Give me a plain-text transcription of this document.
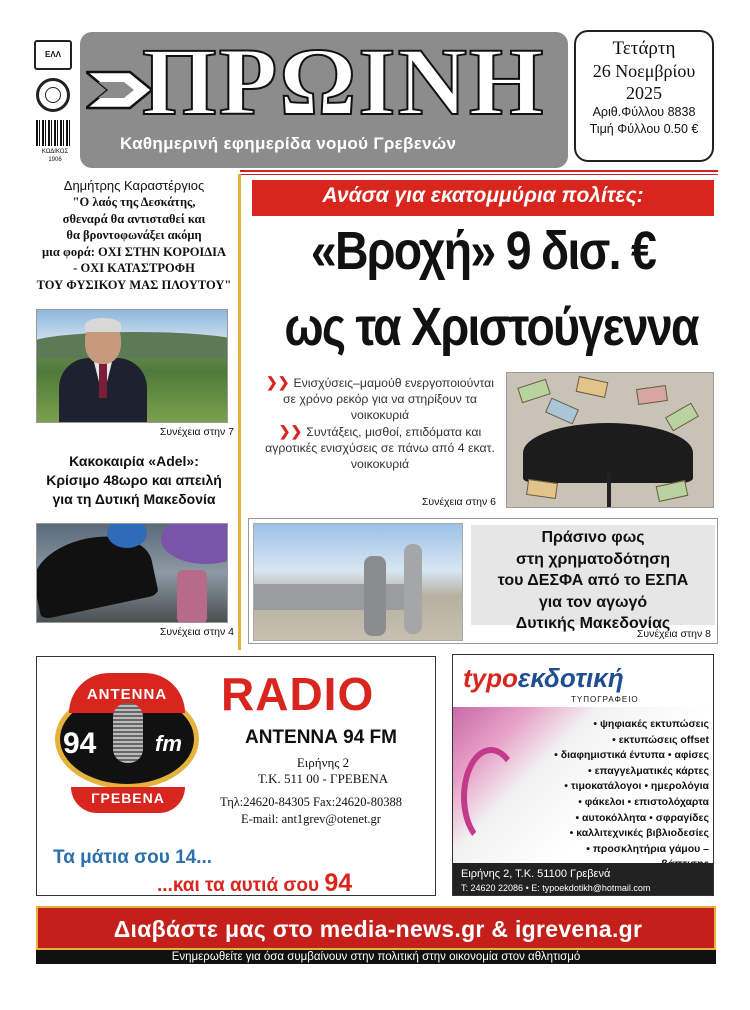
ΕΛΛ
ΚΩΔΙΚΟΣ
1906
ΠΡΩΙΝΗ
Καθημερινή εφημερίδα νομού Γρεβενών
Τετάρτη
26 Νοεμβρίου
2025
Αριθ.Φύλλου 8838
Τιμή Φύλλου 0.50 €
Δημήτρης Καραστέργιος
"Ο λαός της Δεσκάτης,
σθεναρά θα αντισταθεί και
θα βροντοφωνάξει ακόμη
μια φορά: ΟΧΙ ΣΤΗΝ ΚΟΡΟΙΔΙΑ
- ΟΧΙ ΚΑΤΑΣΤΡΟΦΗ
ΤΟΥ ΦΥΣΙΚΟΥ ΜΑΣ ΠΛΟΥΤΟΥ"
Συνέχεια στην 7
Κακοκαιρία «Adel»:
Κρίσιμο 48ωρο και απειλή
για τη Δυτική Μακεδονία
Συνέχεια στην 4
Ανάσα για εκατομμύρια πολίτες:
«Βροχή» 9 δισ. €
ως τα Χριστούγεννα
❯❯ Ενισχύσεις–μαμούθ ενεργοποιούνται σε χρόνο ρεκόρ για να στηρίξουν τα νοικοκυριά
❯❯ Συντάξεις, μισθοί, επιδόματα και αγροτικές ενισχύσεις σε πάνω από 4 εκατ. νοικοκυριά
Συνέχεια στην 6
Πράσινο φως
στη χρηματοδότηση
του ΔΕΣΦΑ από το ΕΣΠΑ
για τον αγωγό
Δυτικής Μακεδονίας
Συνέχεια στην 8
ΑΝΤΕΝΝΑ
94	fm
ΓΡΕΒΕΝΑ
RADIO
ΑΝΤΕΝΝΑ 94 FM
Ειρήνης 2
Τ.Κ. 511 00 - ΓΡΕΒΕΝΑ
Τηλ:24620-84305 Fax:24620-80388
E-mail: ant1grev@otenet.gr
Τα μάτια σου 14...
...και τα αυτιά σου 94
typoεκδοτική
ΤΥΠΟΓΡΑΦΕΙΟ
• ψηφιακές εκτυπώσεις
• εκτυπώσεις offset
• διαφημιστικά έντυπα • αφίσες
• επαγγελματικές κάρτες
• τιμοκατάλογοι • ημερολόγια
• φάκελοι • επιστολόχαρτα
• αυτοκόλλητα • σφραγίδες
• καλλιτεχνικές βιβλιοδεσίες
• προσκλητήρια γάμου –
Ειρήνης 2, Τ.Κ. 51100 Γρεβενά
Τ: 24620 22086 • Ε: typoekdotikh@hotmail.com
Διαβάστε μας στο media-news.gr & igrevena.gr
Ενημερωθείτε για όσα συμβαίνουν στην πολιτική στην οικονομία στον αθλητισμό
